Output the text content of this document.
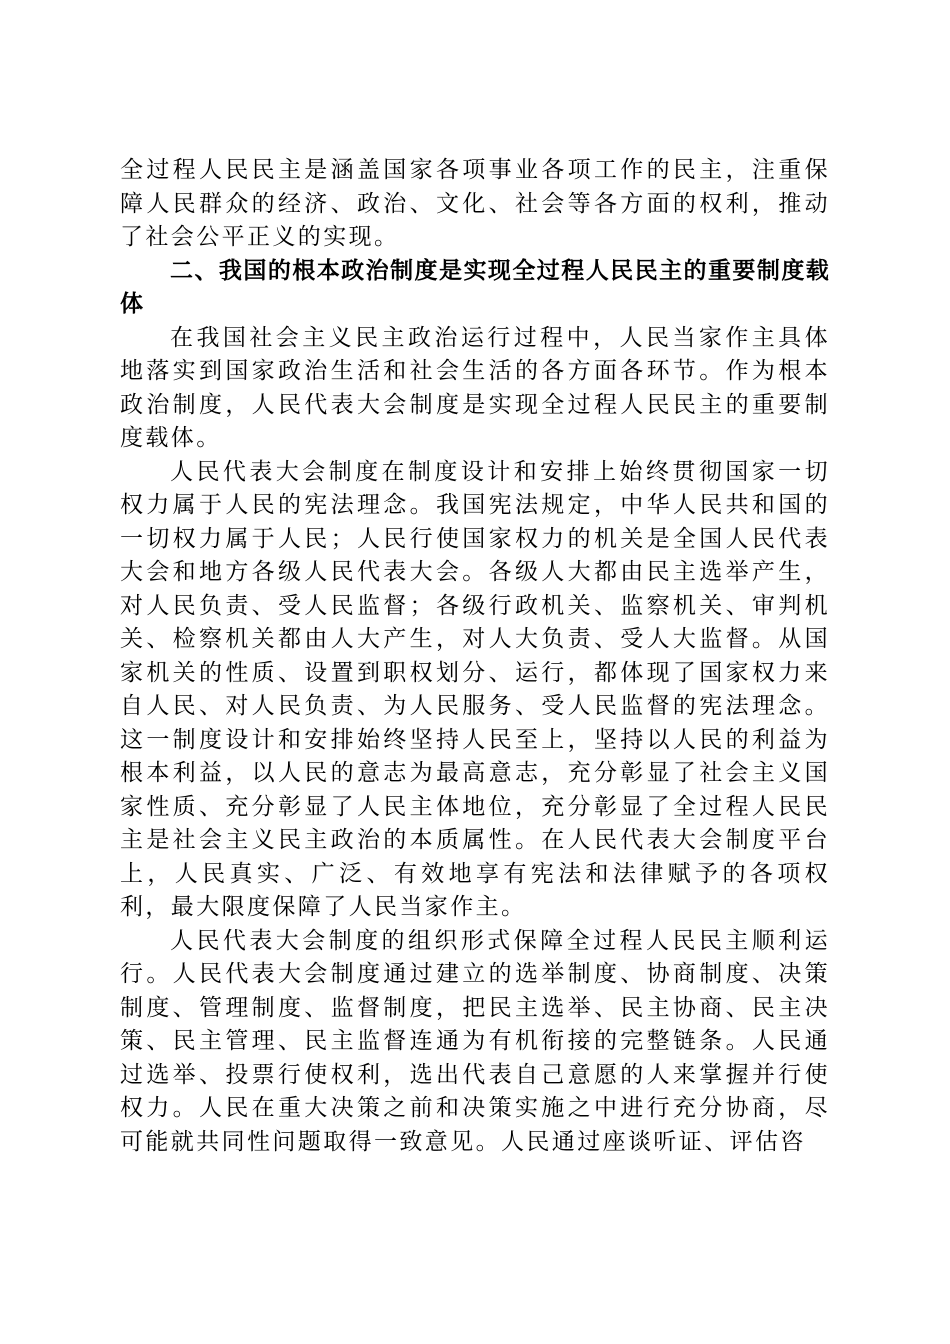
全过程人民民主是涵盖国家各项事业各项工作的民主，注重保障人民群众的经济、政治、文化、社会等各方面的权利，推动了社会公平正义的实现。

二、我国的根本政治制度是实现全过程人民民主的重要制度载体

在我国社会主义民主政治运行过程中，人民当家作主具体地落实到国家政治生活和社会生活的各方面各环节。作为根本政治制度，人民代表大会制度是实现全过程人民民主的重要制度载体。

人民代表大会制度在制度设计和安排上始终贯彻国家一切权力属于人民的宪法理念。我国宪法规定，中华人民共和国的一切权力属于人民；人民行使国家权力的机关是全国人民代表大会和地方各级人民代表大会。各级人大都由民主选举产生，对人民负责、受人民监督；各级行政机关、监察机关、审判机关、检察机关都由人大产生，对人大负责、受人大监督。从国家机关的性质、设置到职权划分、运行，都体现了国家权力来自人民、对人民负责、为人民服务、受人民监督的宪法理念。这一制度设计和安排始终坚持人民至上，坚持以人民的利益为根本利益，以人民的意志为最高意志，充分彰显了社会主义国家性质、充分彰显了人民主体地位，充分彰显了全过程人民民主是社会主义民主政治的本质属性。在人民代表大会制度平台上，人民真实、广泛、有效地享有宪法和法律赋予的各项权利，最大限度保障了人民当家作主。

人民代表大会制度的组织形式保障全过程人民民主顺利运行。人民代表大会制度通过建立的选举制度、协商制度、决策制度、管理制度、监督制度，把民主选举、民主协商、民主决策、民主管理、民主监督连通为有机衔接的完整链条。人民通过选举、投票行使权利，选出代表自己意愿的人来掌握并行使权力。人民在重大决策之前和决策实施之中进行充分协商，尽可能就共同性问题取得一致意见。人民通过座谈听证、评估咨
